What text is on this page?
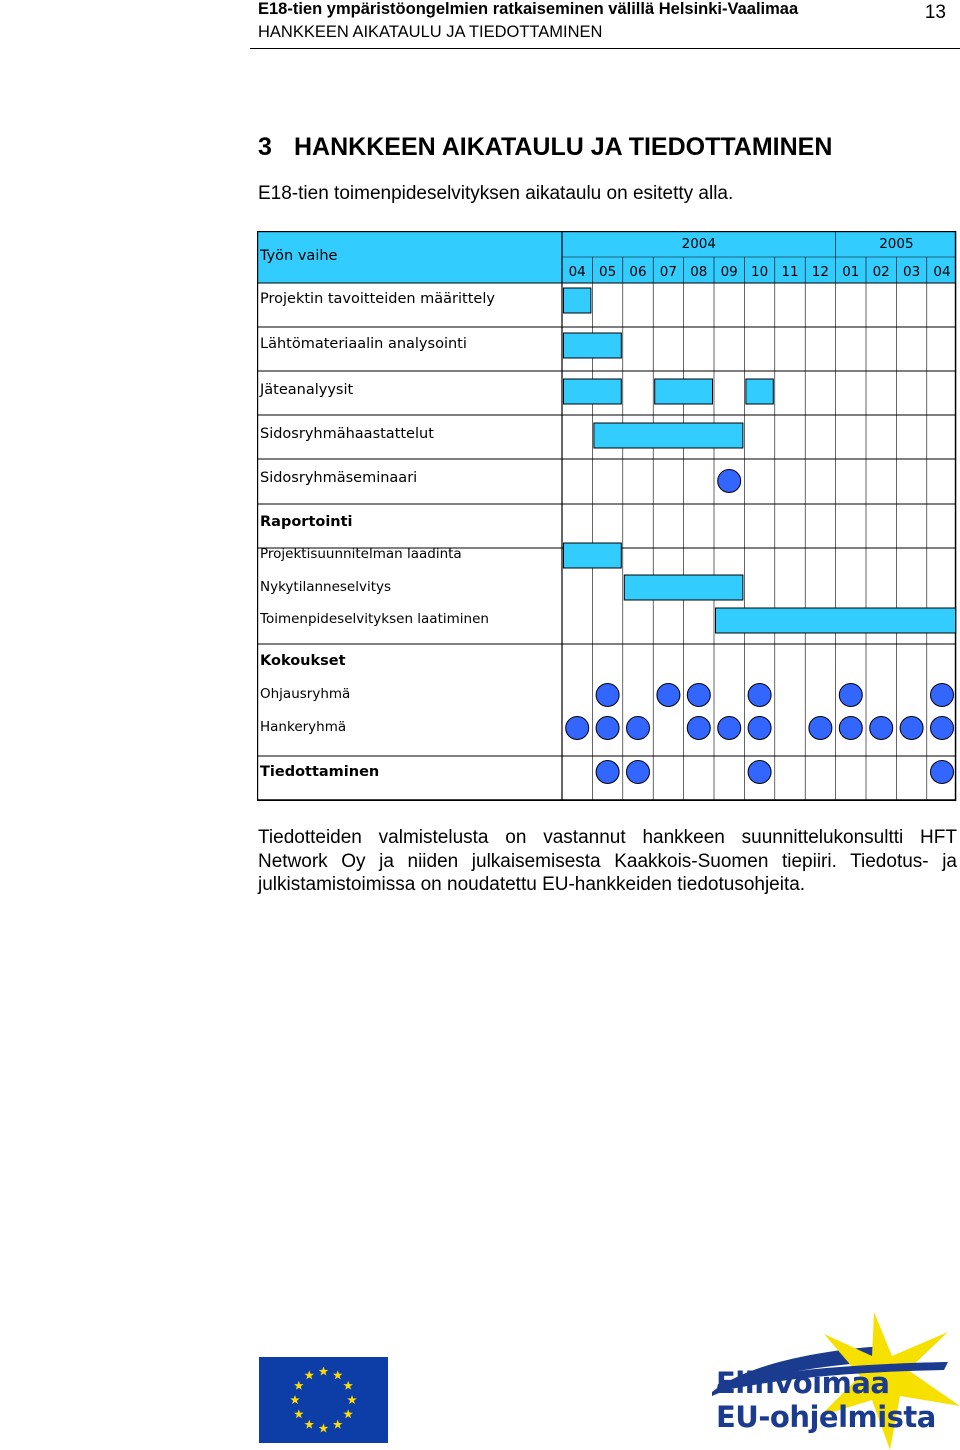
E18-tien ympäristöongelmien ratkaiseminen välillä Helsinki-Vaalimaa
HANKKEEN AIKATAULU JA TIEDOTTAMINEN
13
3 HANKKEEN AIKATAULU JA TIEDOTTAMINEN
E18-tien toimenpideselvityksen aikataulu on esitetty alla.
2004	2005
04 05 06 07 08 09 10 11 12 01 02 03 04
Työn vaihe
Projektin tavoitteiden määrittely
Lähtömateriaalin analysointi
Jäteanalyysit
Sidosryhmähaastattelut
Sidosryhmäseminaari
Raportointi
Projektisuunnitelman laadinta
Nykytilanneselvitys
Toimenpideselvityksen laatiminen
Kokoukset
Ohjausryhmä
Hankeryhmä
Tiedottaminen
Tiedotteiden valmistelusta on vastannut hankkeen suunnittelukonsultti HFT Network Oy ja niiden julkaisemisesta Kaakkois-Suomen tiepiiri. Tiedotus- ja julkistamistoimissa on noudatettu EU-hankkeiden tiedotusohjeita.
Elinvoimaa
EU-ohjelmista
